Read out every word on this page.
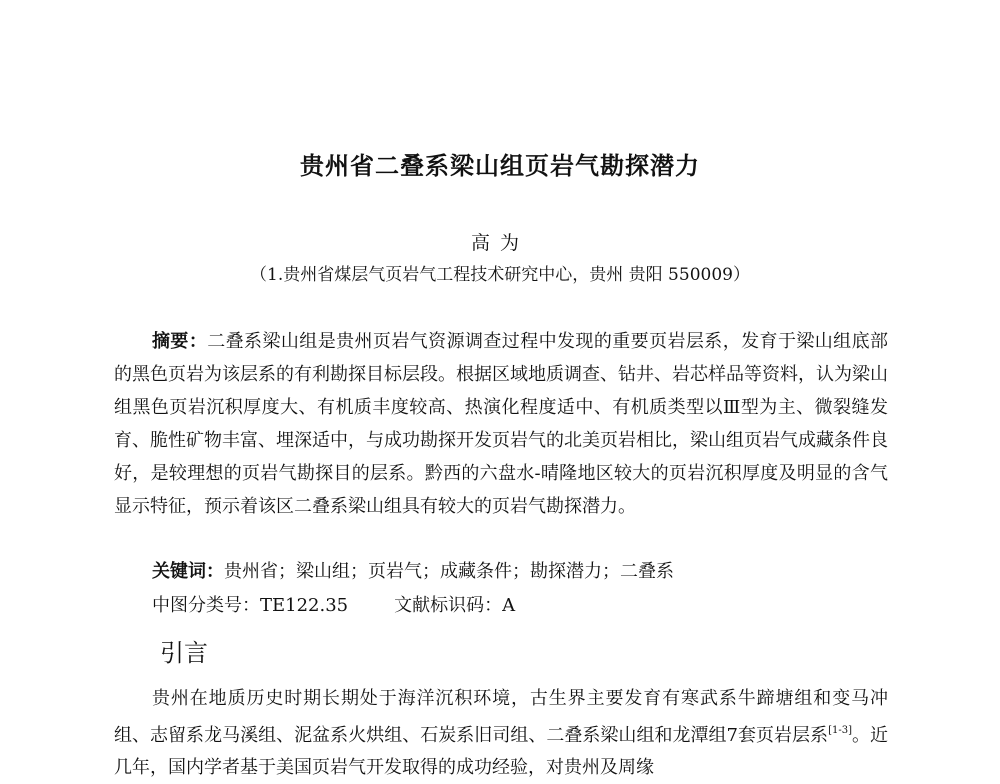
贵州省二叠系梁山组页岩气勘探潜力
高为
（1.贵州省煤层气页岩气工程技术研究中心，贵州 贵阳 550009）
摘要：二叠系梁山组是贵州页岩气资源调查过程中发现的重要页岩层系，发育于梁山组底部的黑色页岩为该层系的有利勘探目标层段。根据区域地质调查、钻井、岩芯样品等资料，认为梁山组黑色页岩沉积厚度大、有机质丰度较高、热演化程度适中、有机质类型以Ⅲ型为主、微裂缝发育、脆性矿物丰富、埋深适中，与成功勘探开发页岩气的北美页岩相比，梁山组页岩气成藏条件良好，是较理想的页岩气勘探目的层系。黔西的六盘水-晴隆地区较大的页岩沉积厚度及明显的含气显示特征，预示着该区二叠系梁山组具有较大的页岩气勘探潜力。
关键词：贵州省；梁山组；页岩气；成藏条件；勘探潜力；二叠系
中图分类号：TE122.35	文献标识码：A
引言
贵州在地质历史时期长期处于海洋沉积环境，古生界主要发育有寒武系牛蹄塘组和变马冲组、志留系龙马溪组、泥盆系火烘组、石炭系旧司组、二叠系梁山组和龙潭组7套页岩层系[1-3]。近几年，国内学者基于美国页岩气开发取得的成功经验，对贵州及周缘
